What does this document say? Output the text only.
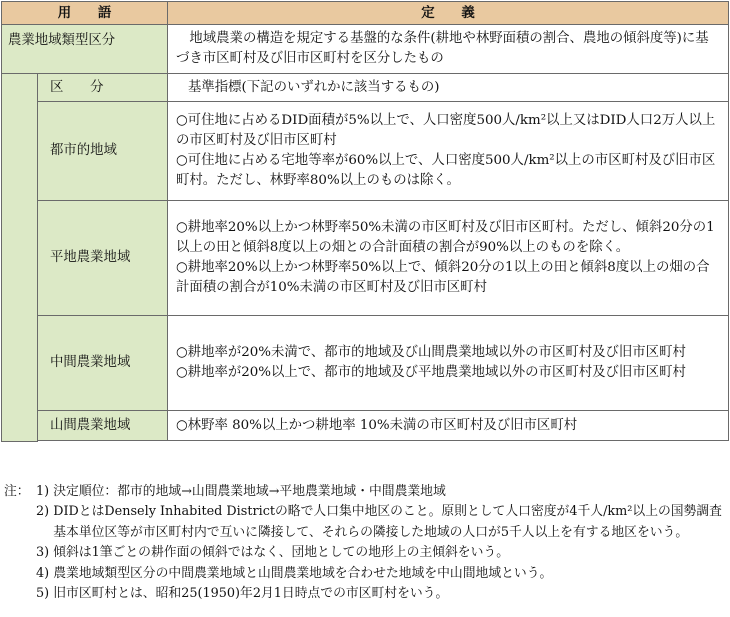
用　　語		定　　義
農業地域類型区分		　地域農業の構造を規定する基盤的な条件(耕地や林野面積の割合、農地の傾斜度等)に基づき市区町村及び旧市区町村を区分したもの
	区　　分	基準指標(下記のいずれかに該当するもの)
	都市的地域	○可住地に占めるDID面積が5%以上で、人口密度500人/km²以上又はDID人口2万人以上の市区町村及び旧市区町村
○可住地に占める宅地等率が60%以上で、人口密度500人/km²以上の市区町村及び旧市区町村。ただし、林野率80%以上のものは除く。

	平地農業地域	○耕地率20%以上かつ林野率50%未満の市区町村及び旧市区町村。ただし、傾斜20分の1以上の田と傾斜8度以上の畑との合計面積の割合が90%以上のものを除く。
○耕地率20%以上かつ林野率50%以上で、傾斜20分の1以上の田と傾斜8度以上の畑の合計面積の割合が10%未満の市区町村及び旧市区町村

	中間農業地域	○耕地率が20%未満で、都市的地域及び山間農業地域以外の市区町村及び旧市区町村
○耕地率が20%以上で、都市的地域及び平地農業地域以外の市区町村及び旧市区町村

	山間農業地域	○林野率 80%以上かつ耕地率 10%未満の市区町村及び旧市区町村

注： 1) 決定順位：都市的地域→山間農業地域→平地農業地域・中間農業地域
2) DIDとはDensely Inhabited Districtの略で人口集中地区のこと。原則として人口密度が4千人/km²以上の国勢調査基本単位区等が市区町村内で互いに隣接して、それらの隣接した地域の人口が5千人以上を有する地区をいう。
3) 傾斜は1筆ごとの耕作面の傾斜ではなく、団地としての地形上の主傾斜をいう。
4) 農業地域類型区分の中間農業地域と山間農業地域を合わせた地域を中山間地域という。
5) 旧市区町村とは、昭和25(1950)年2月1日時点での市区町村をいう。
